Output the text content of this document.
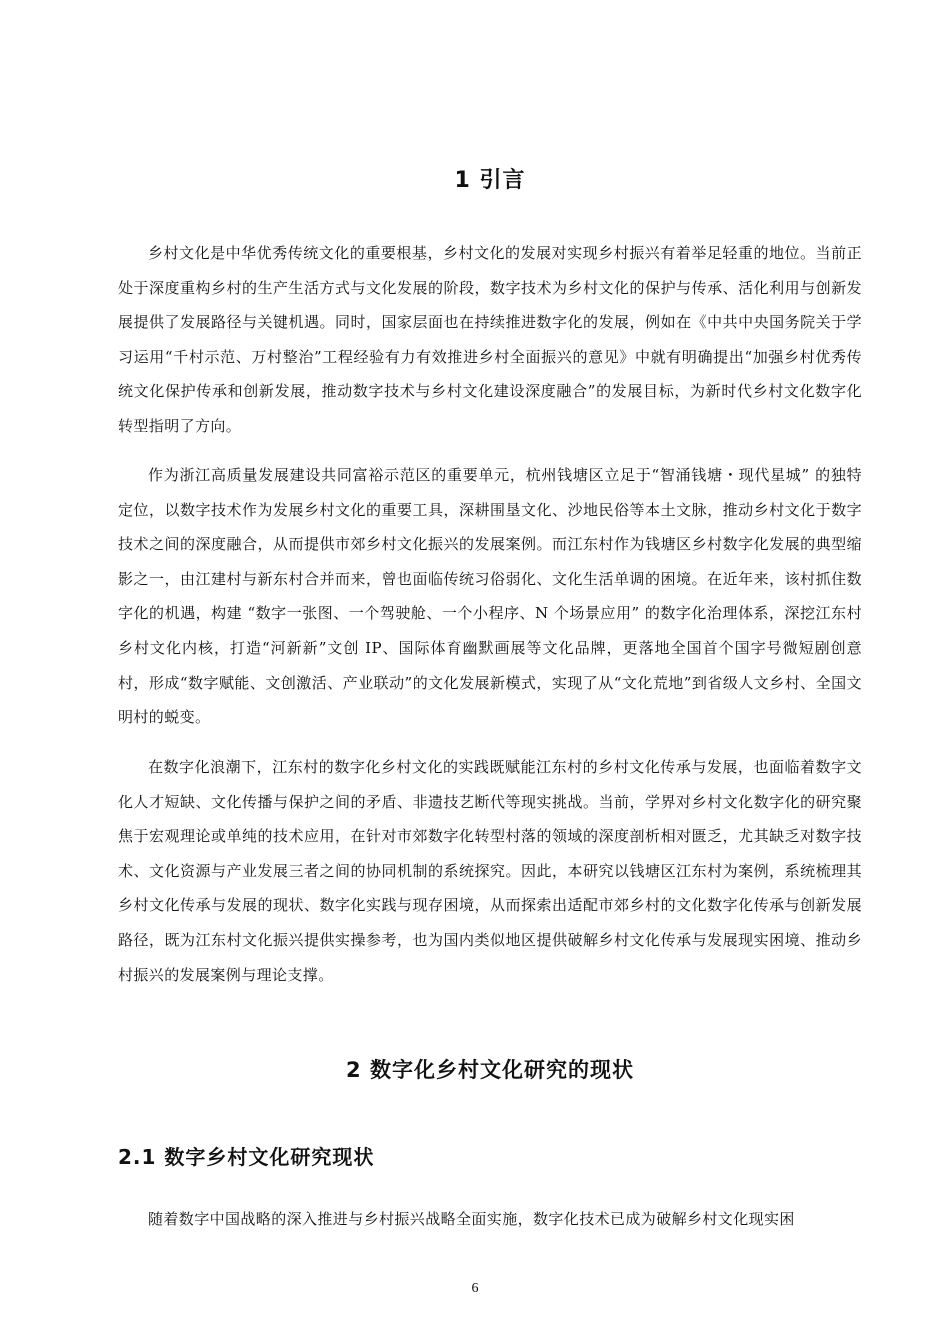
1 引言

乡村文化是中华优秀传统文化的重要根基，乡村文化的发展对实现乡村振兴有着举足轻重的地位。当前正处于深度重构乡村的生产生活方式与文化发展的阶段，数字技术为乡村文化的保护与传承、活化利用与创新发展提供了发展路径与关键机遇。同时，国家层面也在持续推进数字化的发展，例如在《中共中央国务院关于学习运用“千村示范、万村整治”工程经验有力有效推进乡村全面振兴的意见》中就有明确提出“加强乡村优秀传统文化保护传承和创新发展，推动数字技术与乡村文化建设深度融合”的发展目标，为新时代乡村文化数字化转型指明了方向。

作为浙江高质量发展建设共同富裕示范区的重要单元，杭州钱塘区立足于“智涌钱塘・现代星城” 的独特定位，以数字技术作为发展乡村文化的重要工具，深耕围垦文化、沙地民俗等本土文脉，推动乡村文化于数字技术之间的深度融合，从而提供市郊乡村文化振兴的发展案例。而江东村作为钱塘区乡村数字化发展的典型缩影之一，由江建村与新东村合并而来，曾也面临传统习俗弱化、文化生活单调的困境。在近年来，该村抓住数字化的机遇，构建 “数字一张图、一个驾驶舱、一个小程序、N 个场景应用” 的数字化治理体系，深挖江东村乡村文化内核，打造“河新新”文创 IP、国际体育幽默画展等文化品牌，更落地全国首个国字号微短剧创意村，形成“数字赋能、文创激活、产业联动”的文化发展新模式，实现了从“文化荒地”到省级人文乡村、全国文明村的蜕变。

在数字化浪潮下，江东村的数字化乡村文化的实践既赋能江东村的乡村文化传承与发展，也面临着数字文化人才短缺、文化传播与保护之间的矛盾、非遗技艺断代等现实挑战。当前，学界对乡村文化数字化的研究聚焦于宏观理论或单纯的技术应用，在针对市郊数字化转型村落的领域的深度剖析相对匮乏，尤其缺乏对数字技术、文化资源与产业发展三者之间的协同机制的系统探究。因此，本研究以钱塘区江东村为案例，系统梳理其乡村文化传承与发展的现状、数字化实践与现存困境，从而探索出适配市郊乡村的文化数字化传承与创新发展路径，既为江东村文化振兴提供实操参考，也为国内类似地区提供破解乡村文化传承与发展现实困境、推动乡村振兴的发展案例与理论支撑。

2 数字化乡村文化研究的现状
2.1 数字乡村文化研究现状

随着数字中国战略的深入推进与乡村振兴战略全面实施，数字化技术已成为破解乡村文化现实困

6
